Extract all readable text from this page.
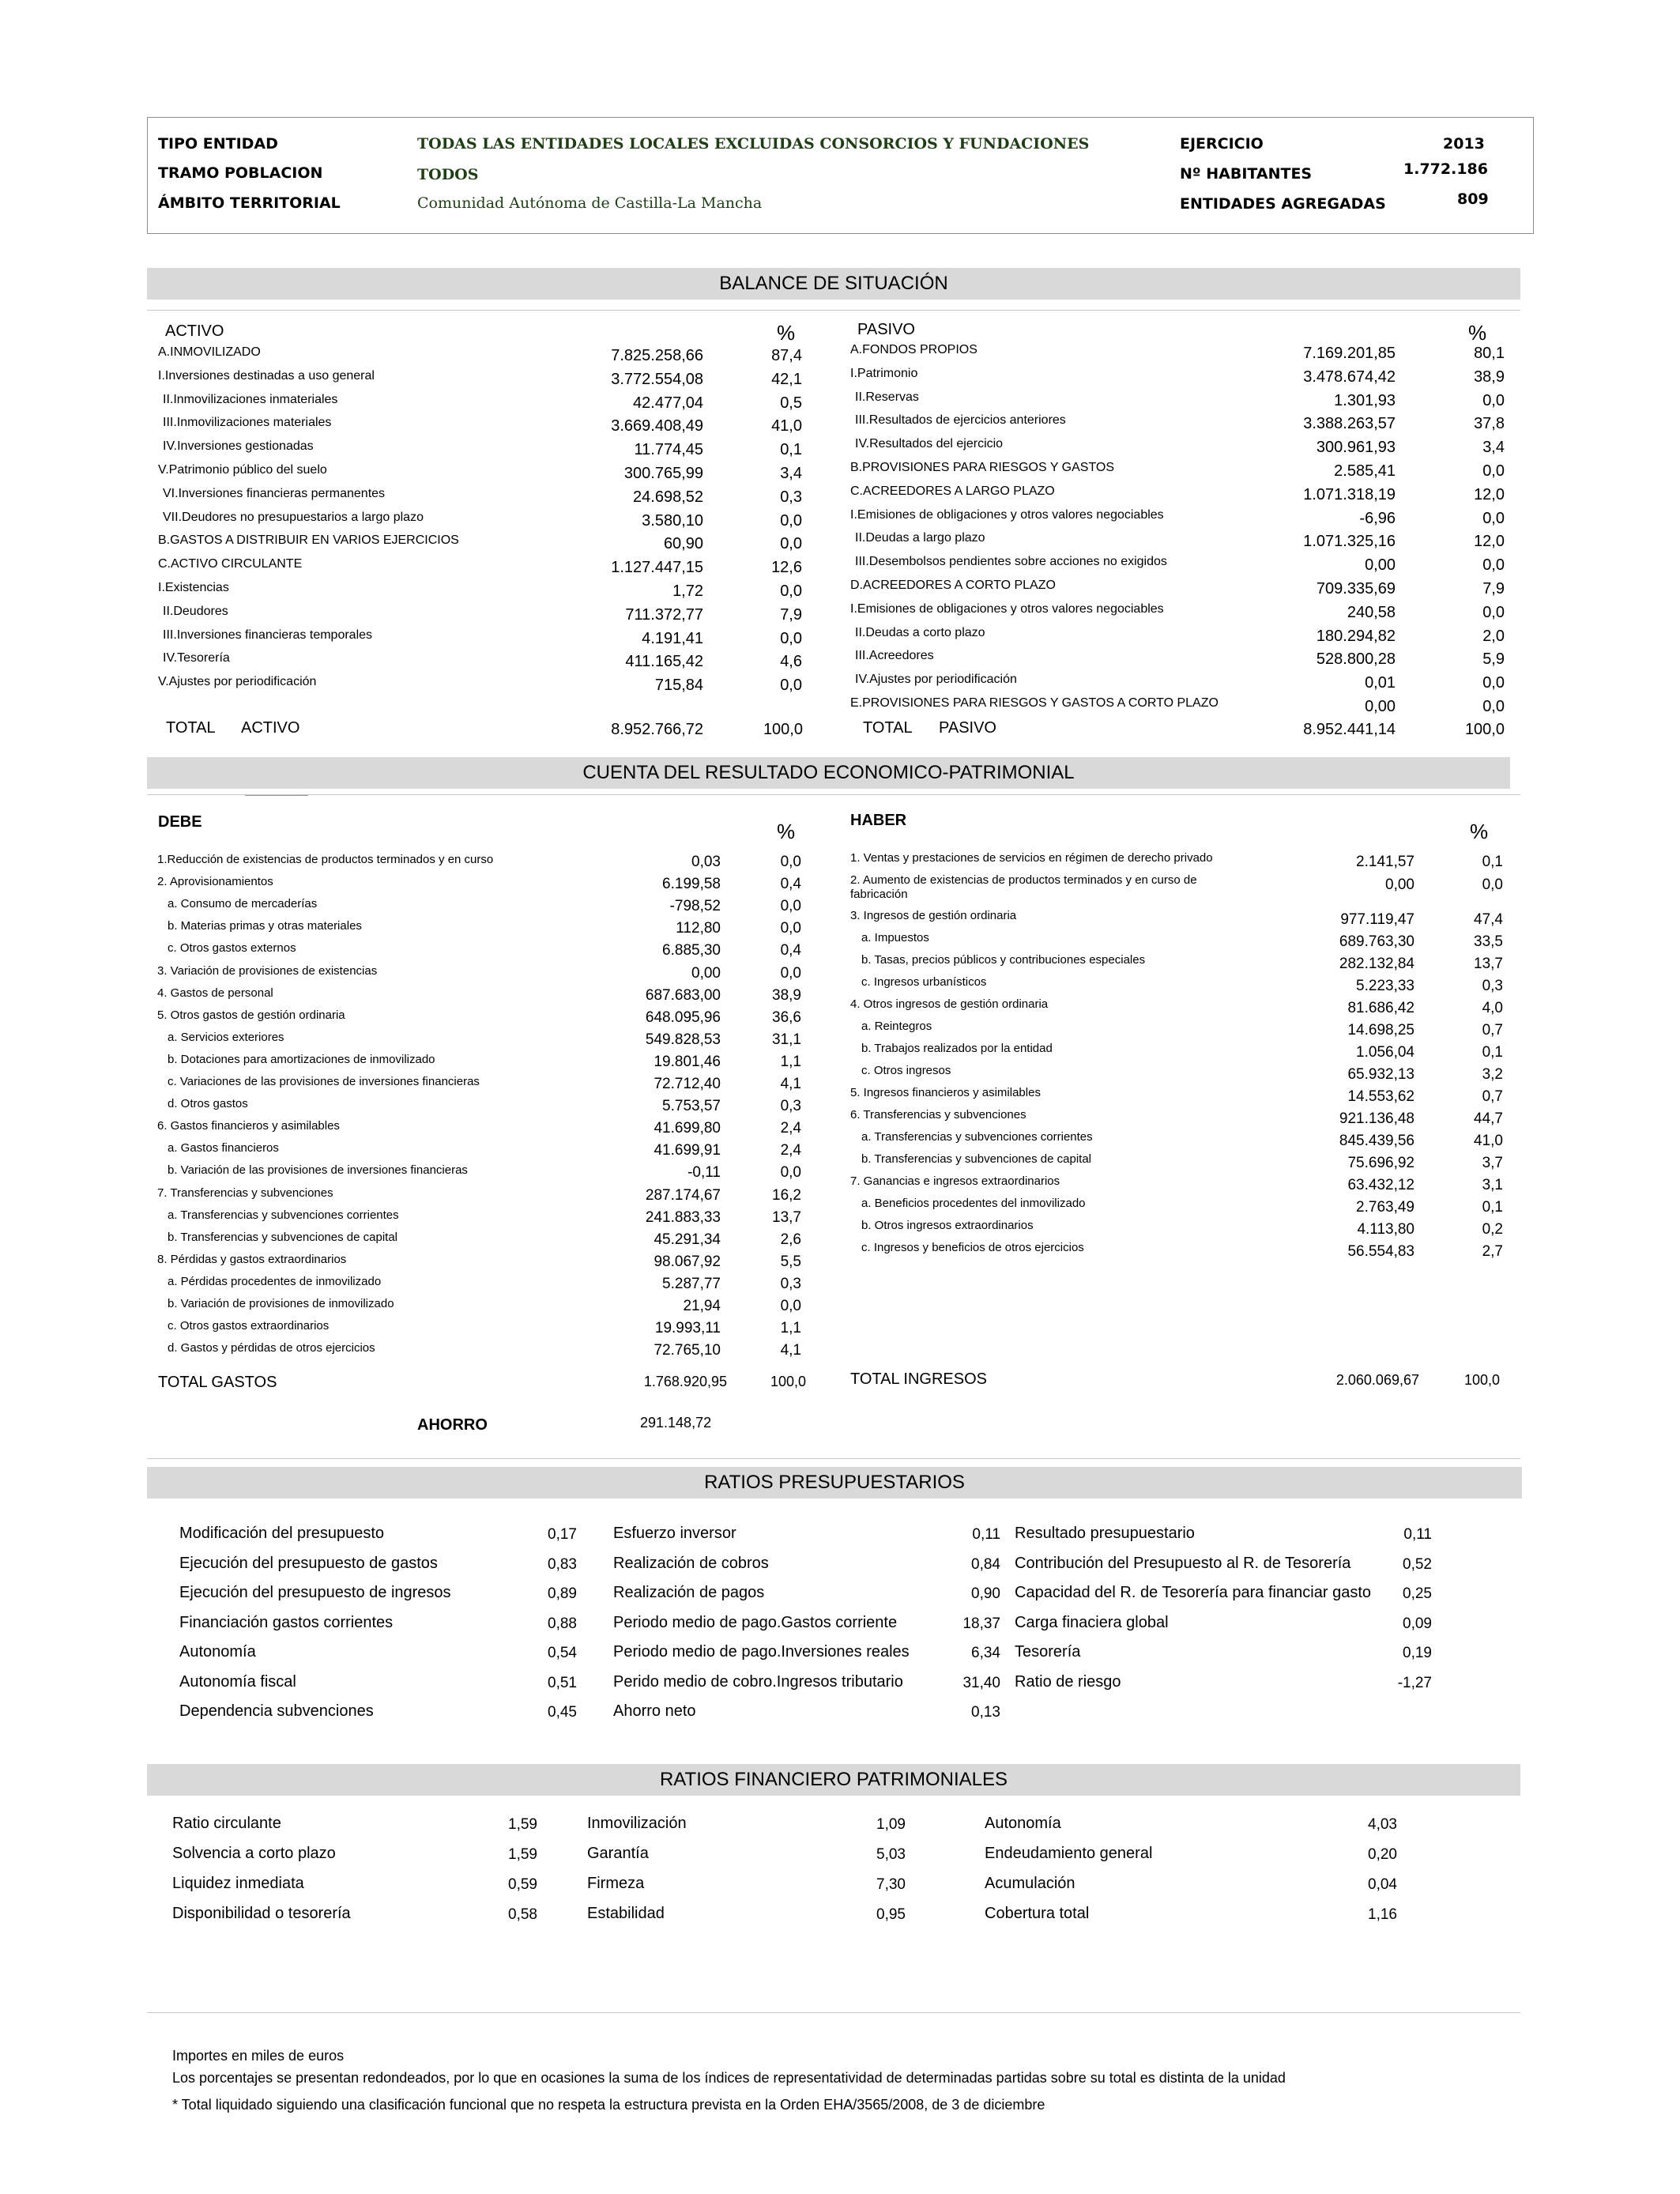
TIPO ENTIDAD	TODAS LAS ENTIDADES LOCALES EXCLUIDAS CONSORCIOS Y FUNDACIONES
TRAMO POBLACION	TODOS
ÁMBITO TERRITORIAL	Comunidad Autónoma de Castilla-La Mancha
EJERCICIO	2013
Nº HABITANTES	1.772.186
ENTIDADES AGREGADAS	809
BALANCE DE SITUACIÓN
ACTIVO	%	PASIVO	%
A.INMOVILIZADO	7.825.258,66	87,4
I.Inversiones destinadas a uso general	3.772.554,08	42,1
II.Inmovilizaciones inmateriales	42.477,04	0,5
III.Inmovilizaciones materiales	3.669.408,49	41,0
IV.Inversiones gestionadas	11.774,45	0,1
V.Patrimonio público del suelo	300.765,99	3,4
VI.Inversiones financieras permanentes	24.698,52	0,3
VII.Deudores no presupuestarios a largo plazo	3.580,10	0,0
B.GASTOS A DISTRIBUIR EN VARIOS EJERCICIOS	60,90	0,0
C.ACTIVO CIRCULANTE	1.127.447,15	12,6
I.Existencias	1,72	0,0
II.Deudores	711.372,77	7,9
III.Inversiones financieras temporales	4.191,41	0,0
IV.Tesorería	411.165,42	4,6
V.Ajustes por periodificación	715,84	0,0
A.FONDOS PROPIOS	7.169.201,85	80,1
I.Patrimonio	3.478.674,42	38,9
II.Reservas	1.301,93	0,0
III.Resultados de ejercicios anteriores	3.388.263,57	37,8
IV.Resultados del ejercicio	300.961,93	3,4
B.PROVISIONES PARA RIESGOS Y GASTOS	2.585,41	0,0
C.ACREEDORES A LARGO PLAZO	1.071.318,19	12,0
I.Emisiones de obligaciones y otros valores negociables	-6,96	0,0
II.Deudas a largo plazo	1.071.325,16	12,0
III.Desembolsos pendientes sobre acciones no exigidos	0,00	0,0
D.ACREEDORES A CORTO PLAZO	709.335,69	7,9
I.Emisiones de obligaciones y otros valores negociables	240,58	0,0
II.Deudas a corto plazo	180.294,82	2,0
III.Acreedores	528.800,28	5,9
IV.Ajustes por periodificación	0,01	0,0
E.PROVISIONES PARA RIESGOS Y GASTOS A CORTO PLAZO	0,00	0,0
TOTAL ACTIVO	8.952.766,72	100,0	TOTAL PASIVO	8.952.441,14	100,0
CUENTA DEL RESULTADO ECONOMICO-PATRIMONIAL
DEBE	%	HABER	%
1.Reducción de existencias de productos terminados y en curso	0,03	0,0
2. Aprovisionamientos	6.199,58	0,4
a. Consumo de mercaderías	-798,52	0,0
b. Materias primas y otras materiales	112,80	0,0
c. Otros gastos externos	6.885,30	0,4
3. Variación de provisiones de existencias	0,00	0,0
4. Gastos de personal	687.683,00	38,9
5. Otros gastos de gestión ordinaria	648.095,96	36,6
a. Servicios exteriores	549.828,53	31,1
b. Dotaciones para amortizaciones de inmovilizado	19.801,46	1,1
c. Variaciones de las provisiones de inversiones financieras	72.712,40	4,1
d. Otros gastos	5.753,57	0,3
6. Gastos financieros y asimilables	41.699,80	2,4
a. Gastos financieros	41.699,91	2,4
b. Variación de las provisiones de inversiones financieras	-0,11	0,0
7. Transferencias y subvenciones	287.174,67	16,2
a. Transferencias y subvenciones corrientes	241.883,33	13,7
b. Transferencias y subvenciones de capital	45.291,34	2,6
8. Pérdidas y gastos extraordinarios	98.067,92	5,5
a. Pérdidas procedentes de inmovilizado	5.287,77	0,3
b. Variación de provisiones de inmovilizado	21,94	0,0
c. Otros gastos extraordinarios	19.993,11	1,1
d. Gastos y pérdidas de otros ejercicios	72.765,10	4,1
1. Ventas y prestaciones de servicios en régimen de derecho privado	2.141,57	0,1
2. Aumento de existencias de productos terminados y en curso de
fabricación
0,00	0,0
3. Ingresos de gestión ordinaria	977.119,47	47,4
a. Impuestos	689.763,30	33,5
b. Tasas, precios públicos y contribuciones especiales	282.132,84	13,7
c. Ingresos urbanísticos	5.223,33	0,3
4. Otros ingresos de gestión ordinaria	81.686,42	4,0
a. Reintegros	14.698,25	0,7
b. Trabajos realizados por la entidad	1.056,04	0,1
c. Otros ingresos	65.932,13	3,2
5. Ingresos financieros y asimilables	14.553,62	0,7
6. Transferencias y subvenciones	921.136,48	44,7
a. Transferencias y subvenciones corrientes	845.439,56	41,0
b. Transferencias y subvenciones de capital	75.696,92	3,7
7. Ganancias e ingresos extraordinarios	63.432,12	3,1
a. Beneficios procedentes del inmovilizado	2.763,49	0,1
b. Otros ingresos extraordinarios	4.113,80	0,2
c. Ingresos y beneficios de otros ejercicios	56.554,83	2,7
TOTAL GASTOS	1.768.920,95	100,0	TOTAL INGRESOS	2.060.069,67	100,0
AHORRO	291.148,72
RATIOS PRESUPUESTARIOS
Modificación del presupuesto	0,17
Ejecución del presupuesto de gastos	0,83
Ejecución del presupuesto de ingresos	0,89
Financiación gastos corrientes	0,88
Autonomía	0,54
Autonomía fiscal	0,51
Dependencia subvenciones	0,45
Esfuerzo inversor	0,11
Realización de cobros	0,84
Realización de pagos	0,90
Periodo medio de pago.Gastos corriente	18,37
Periodo medio de pago.Inversiones reales	6,34
Perido medio de cobro.Ingresos tributario	31,40
Ahorro neto	0,13
Resultado presupuestario	0,11
Contribución del Presupuesto al R. de Tesorería	0,52
Capacidad del R. de Tesorería para financiar gasto	0,25
Carga finaciera global	0,09
Tesorería	0,19
Ratio de riesgo	-1,27
RATIOS FINANCIERO PATRIMONIALES
Ratio circulante	1,59
Solvencia a corto plazo	1,59
Liquidez inmediata	0,59
Disponibilidad o tesorería	0,58
Inmovilización	1,09
Garantía	5,03
Firmeza	7,30
Estabilidad	0,95
Autonomía	4,03
Endeudamiento general	0,20
Acumulación	0,04
Cobertura total	1,16
Importes en miles de euros
Los porcentajes se presentan redondeados, por lo que en ocasiones la suma de los índices de representatividad de determinadas partidas sobre su total es distinta de la unidad
* Total liquidado siguiendo una clasificación funcional que no respeta la estructura prevista en la Orden EHA/3565/2008, de 3 de diciembre
